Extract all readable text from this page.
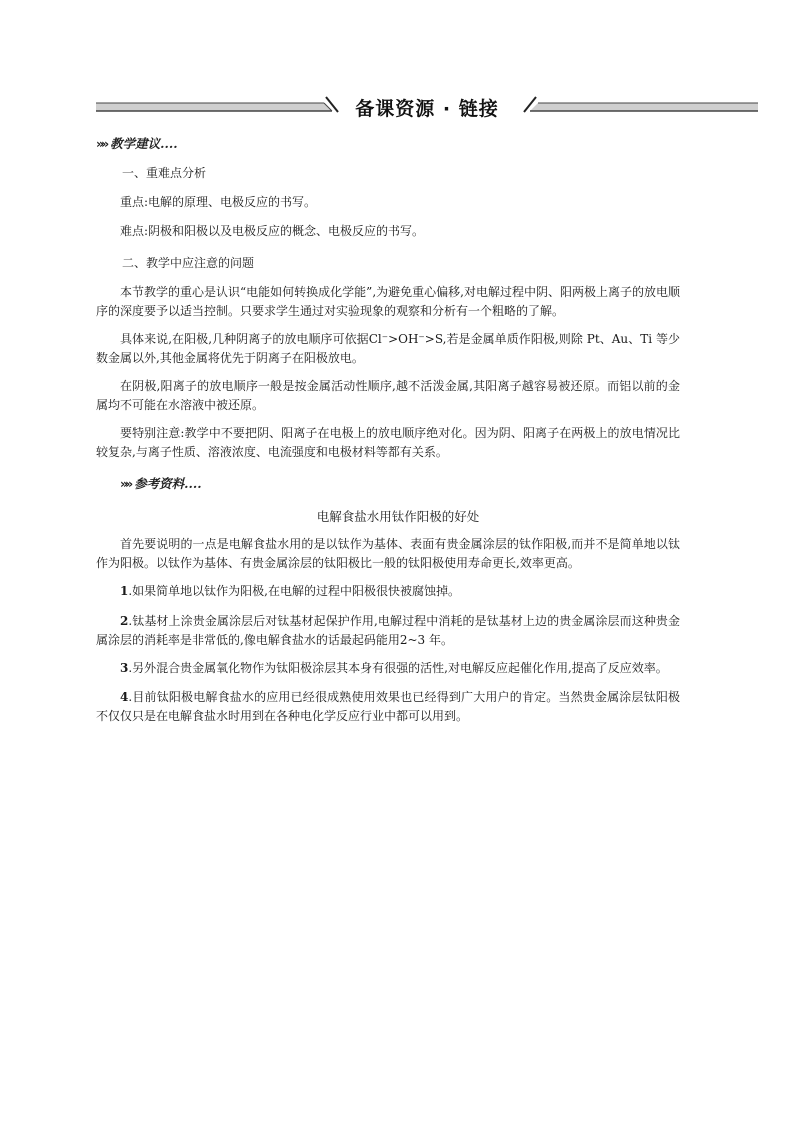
备课资源 · 链接
»» 教学建议....
一、重难点分析
重点:电解的原理、电极反应的书写。
难点:阴极和阳极以及电极反应的概念、电极反应的书写。
二、教学中应注意的问题
本节教学的重心是认识“电能如何转换成化学能”,为避免重心偏移,对电解过程中阴、阳两极上离子的放电顺序的深度要予以适当控制。只要求学生通过对实验现象的观察和分析有一个粗略的了解。
具体来说,在阳极,几种阴离子的放电顺序可依据Cl⁻>OH⁻>S,若是金属单质作阳极,则除 Pt、Au、Ti 等少数金属以外,其他金属将优先于阴离子在阳极放电。
在阴极,阳离子的放电顺序一般是按金属活动性顺序,越不活泼金属,其阳离子越容易被还原。而铝以前的金属均不可能在水溶液中被还原。
要特别注意:教学中不要把阴、阳离子在电极上的放电顺序绝对化。因为阴、阳离子在两极上的放电情况比较复杂,与离子性质、溶液浓度、电流强度和电极材料等都有关系。
»» 参考资料....
电解食盐水用钛作阳极的好处
首先要说明的一点是电解食盐水用的是以钛作为基体、表面有贵金属涂层的钛作阳极,而并不是简单地以钛作为阳极。以钛作为基体、有贵金属涂层的钛阳极比一般的钛阳极使用寿命更长,效率更高。
1.如果简单地以钛作为阳极,在电解的过程中阳极很快被腐蚀掉。
2.钛基材上涂贵金属涂层后对钛基材起保护作用,电解过程中消耗的是钛基材上边的贵金属涂层而这种贵金属涂层的消耗率是非常低的,像电解食盐水的话最起码能用2~3 年。
3.另外混合贵金属氧化物作为钛阳极涂层其本身有很强的活性,对电解反应起催化作用,提高了反应效率。
4.目前钛阳极电解食盐水的应用已经很成熟使用效果也已经得到广大用户的肯定。当然贵金属涂层钛阳极不仅仅只是在电解食盐水时用到在各种电化学反应行业中都可以用到。
